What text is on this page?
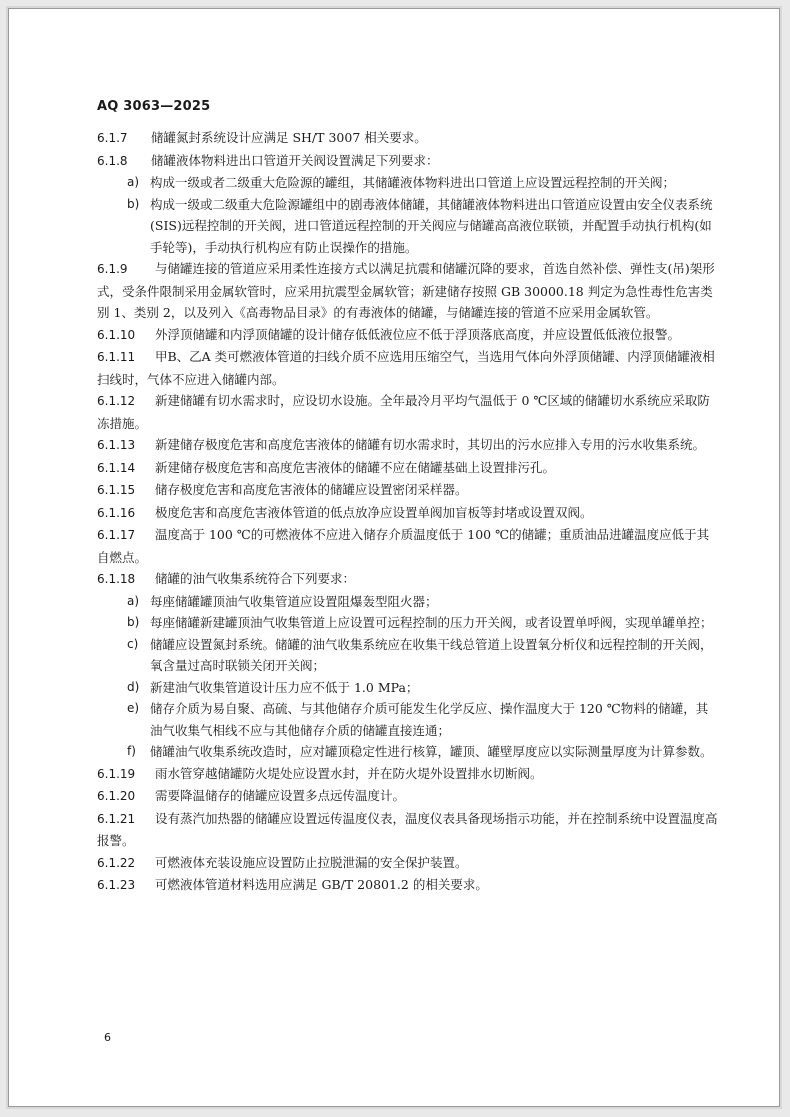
AQ 3063—2025

6.1.7 储罐氮封系统设计应满足 SH/T 3007 相关要求。

6.1.8 储罐液体物料进出口管道开关阀设置满足下列要求：

a) 构成一级或者二级重大危险源的罐组，其储罐液体物料进出口管道上应设置远程控制的开关阀；

b) 构成一级或二级重大危险源罐组中的剧毒液体储罐，其储罐液体物料进出口管道应设置由安全仪表系统(SIS)远程控制的开关阀，进口管道远程控制的开关阀应与储罐高高液位联锁，并配置手动执行机构(如手轮等)，手动执行机构应有防止误操作的措施。

6.1.9 与储罐连接的管道应采用柔性连接方式以满足抗震和储罐沉降的要求，首选自然补偿、弹性支(吊)架形式，受条件限制采用金属软管时，应采用抗震型金属软管；新建储存按照 GB 30000.18 判定为急性毒性危害类别 1、类别 2，以及列入《高毒物品目录》的有毒液体的储罐，与储罐连接的管道不应采用金属软管。

6.1.10 外浮顶储罐和内浮顶储罐的设计储存低低液位应不低于浮顶落底高度，并应设置低低液位报警。

6.1.11 甲B、乙A 类可燃液体管道的扫线介质不应选用压缩空气，当选用气体向外浮顶储罐、内浮顶储罐液相扫线时，气体不应进入储罐内部。

6.1.12 新建储罐有切水需求时，应设切水设施。全年最冷月平均气温低于 0 ℃区域的储罐切水系统应采取防冻措施。

6.1.13 新建储存极度危害和高度危害液体的储罐有切水需求时，其切出的污水应排入专用的污水收集系统。

6.1.14 新建储存极度危害和高度危害液体的储罐不应在储罐基础上设置排污孔。

6.1.15 储存极度危害和高度危害液体的储罐应设置密闭采样器。

6.1.16 极度危害和高度危害液体管道的低点放净应设置单阀加盲板等封堵或设置双阀。

6.1.17 温度高于 100 ℃的可燃液体不应进入储存介质温度低于 100 ℃的储罐；重质油品进罐温度应低于其自燃点。

6.1.18 储罐的油气收集系统符合下列要求：

a) 每座储罐罐顶油气收集管道应设置阻爆轰型阻火器；

b) 每座储罐新建罐顶油气收集管道上应设置可远程控制的压力开关阀，或者设置单呼阀，实现单罐单控；

c) 储罐应设置氮封系统。储罐的油气收集系统应在收集干线总管道上设置氧分析仪和远程控制的开关阀，氧含量过高时联锁关闭开关阀；

d) 新建油气收集管道设计压力应不低于 1.0 MPa；

e) 储存介质为易自聚、高硫、与其他储存介质可能发生化学反应、操作温度大于 120 ℃物料的储罐，其油气收集气相线不应与其他储存介质的储罐直接连通；

f) 储罐油气收集系统改造时，应对罐顶稳定性进行核算，罐顶、罐壁厚度应以实际测量厚度为计算参数。

6.1.19 雨水管穿越储罐防火堤处应设置水封，并在防火堤外设置排水切断阀。

6.1.20 需要降温储存的储罐应设置多点远传温度计。

6.1.21 设有蒸汽加热器的储罐应设置远传温度仪表，温度仪表具备现场指示功能，并在控制系统中设置温度高报警。

6.1.22 可燃液体充装设施应设置防止拉脱泄漏的安全保护装置。

6.1.23 可燃液体管道材料选用应满足 GB/T 20801.2 的相关要求。

6
